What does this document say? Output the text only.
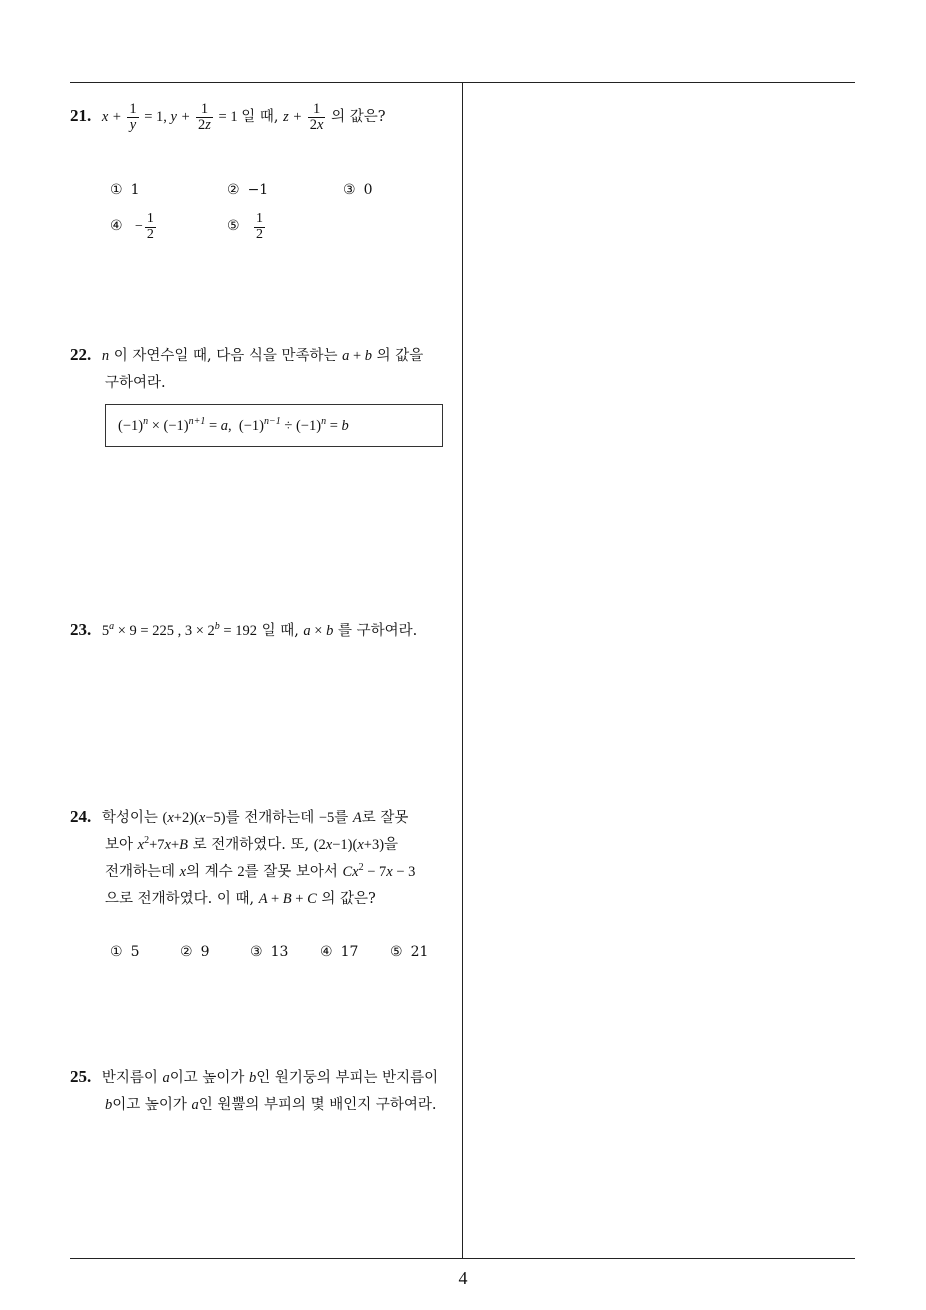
21. $x + \frac{1}{y} = 1$, $y + \frac{1}{2z} = 1$ 일 때, $z + \frac{1}{2x}$ 의 값은?
① 1	② −1	③ 0
④ − $\frac{1}{2}$	⑤ $\frac{1}{2}$
22. n 이 자연수일 때, 다음 식을 만족하는 a + b 의 값을
구하여라.
$(-1)^n \times (-1)^{n+1} = a$, $(-1)^{n-1} \div (-1)^n = b$
23. $5^a \times 9 = 225$ , $3 \times 2^b = 192$ 일 때, a × b 를 구하여라.
24. 학성이는 (x+2)(x−5)를 전개하는데 −5를 A로 잘못
보아 $x^2+7x+B$ 로 전개하였다. 또, (2x−1)(x+3)을
전개하는데 x의 계수 2를 잘못 보아서 $Cx^2 - 7x - 3$
으로 전개하였다. 이 때, A + B + C 의 값은?
① 5	② 9	③ 13 ④ 17 ⑤ 21
25. 반지름이 a이고 높이가 b인 원기둥의 부피는 반지름이
b이고 높이가 a인 원뿔의 부피의 몇 배인지 구하여라.
4
